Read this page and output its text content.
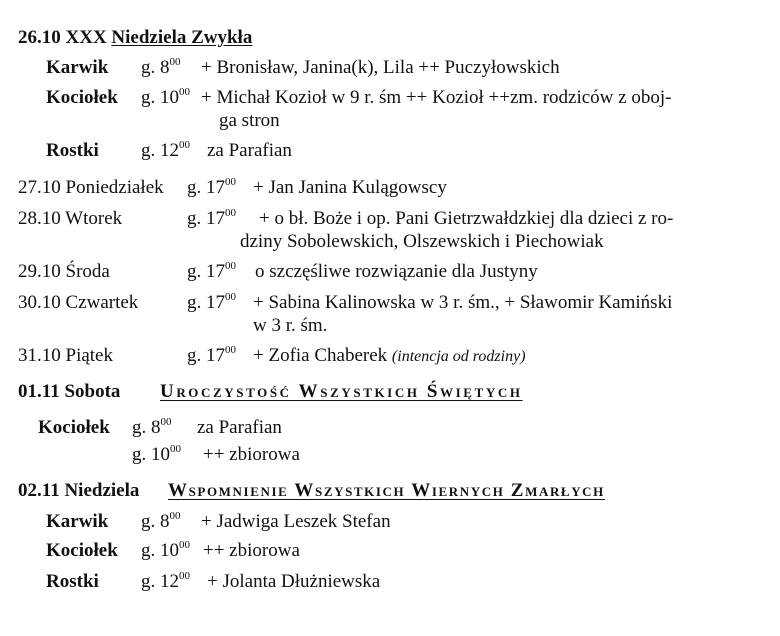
26.10 XXX Niedziela Zwykła
Karwik g. $8^{00}$ + Bronisław, Janina(k), Lila ++ Puczyłowskich
Kociołek g. $10^{00}$ + Michał Kozioł w 9 r. śm ++ Kozioł ++zm. rodziców z oboj-
ga stron
Rostki g. $12^{00}$ za Parafian
27.10 Poniedziałek g. $17^{00}$ + Jan Janina Kulągowscy
28.10 Wtorek	g. $17^{00} + o$ bł. Boże i op. Pani Gietrzwałdzkiej dla dzieci z ro-
dziny Sobolewskich, Olszewskich i Piechowiak
29.10 Środa	g. $17^{00}$ o szczęśliwe rozwiązanie dla Justyny
30.10 Czwartek	g. $17^{00}$ + Sabina Kalinowska w 3 r. śm., + Sławomir Kamiński
w 3 r. śm.
31.10 Piątek	g. $17^{00}$ + Zofia Chaberek (intencja od rodziny)
01.11 Sobota Uroczystość Wszystkich Świętych
Kociołek g. $8^{00}$ za Parafian
g. $10^{00}$ ++ zbiorowa
02.11 Niedziela Wspomnienie Wszystkich Wiernych Zmarłych
Karwik g. $8^{00}$ + Jadwiga Leszek Stefan
Kociołek g. $10^{00}$ ++ zbiorowa
Rostki g. $12^{00}$ + Jolanta Dłużniewska
